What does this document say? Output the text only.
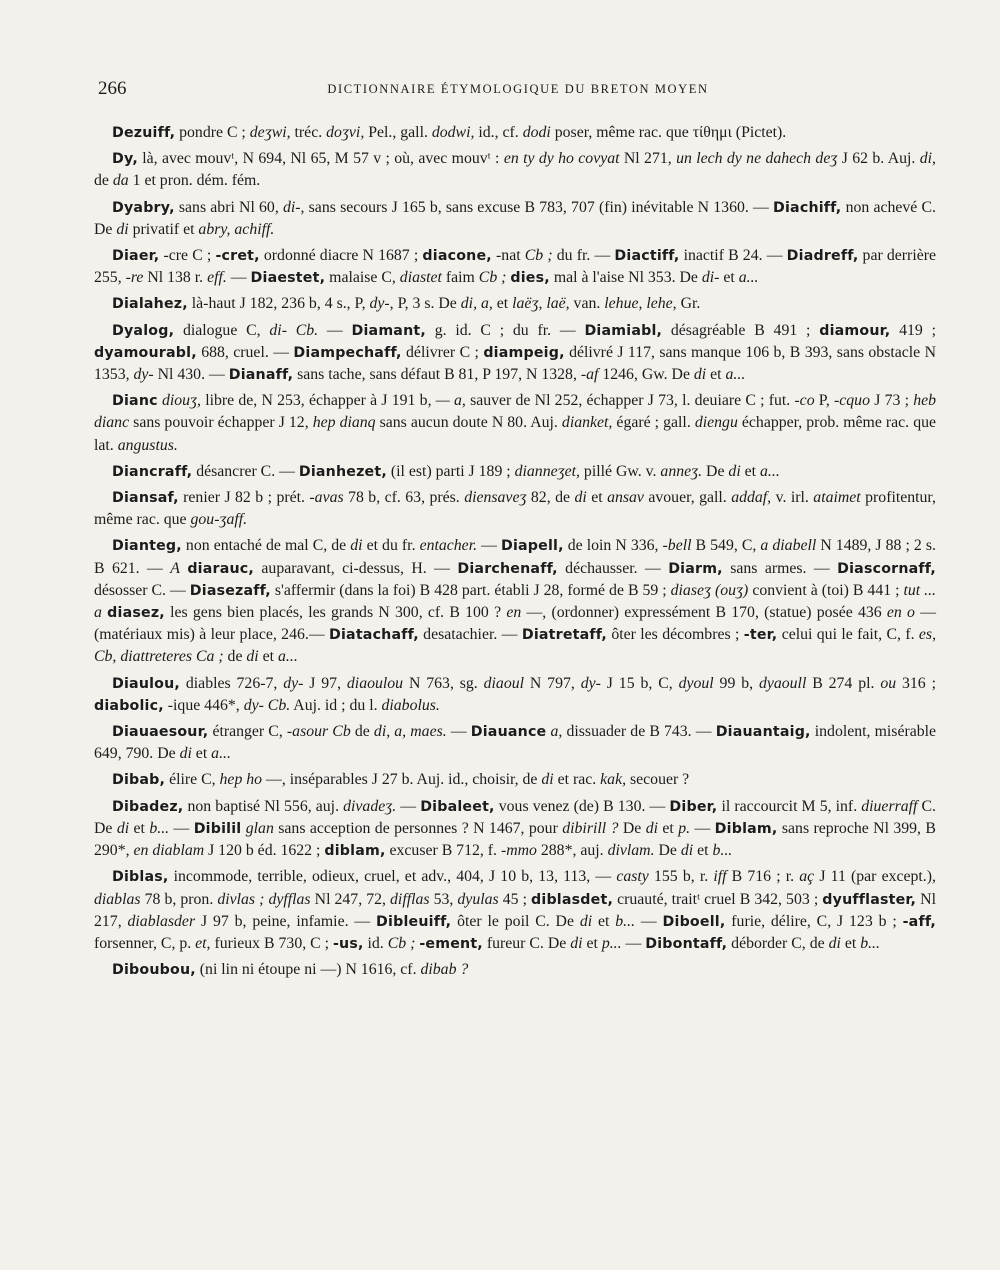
266	DICTIONNAIRE ÉTYMOLOGIQUE DU BRETON MOYEN

Dezuiff, pondre C ; deʒwi, tréc. doʒvi, Pel., gall. dodwi, id., cf. dodi poser, même rac. que τίθημι (Pictet).

Dy, là, avec mouvᵗ, N 694, Nl 65, M 57 v ; où, avec mouvᵗ : en ty dy ho covyat Nl 271, un lech dy ne dahech deʒ J 62 b. Auj. di, de da 1 et pron. dém. fém.

Dyabry, sans abri Nl 60, di-, sans secours J 165 b, sans excuse B 783, 707 (fin) inévitable N 1360. — Diachiff, non achevé C. De di privatif et abry, achiff.

Diaer, -cre C ; -cret, ordonné diacre N 1687 ; diacone, -nat Cb ; du fr. — Diactiff, inactif B 24. — Diadreff, par derrière 255, -re Nl 138 r. eff. — Diaestet, malaise C, diastet faim Cb ; dies, mal à l'aise Nl 353. De di- et a...

Dialahez, là-haut J 182, 236 b, 4 s., P, dy-, P, 3 s. De di, a, et laëʒ, laë, van. lehue, lehe, Gr.

Dyalog, dialogue C, di- Cb. — Diamant, g. id. C ; du fr. — Diamiabl, désagréable B 491 ; diamour, 419 ; dyamourabl, 688, cruel. — Diampechaff, délivrer C ; diampeig, délivré J 117, sans manque 106 b, B 393, sans obstacle N 1353, dy- Nl 430. — Dianaff, sans tache, sans défaut B 81, P 197, N 1328, -af 1246, Gw. De di et a...

Dianc diouʒ, libre de, N 253, échapper à J 191 b, — a, sauver de Nl 252, échapper J 73, l. deuiare C ; fut. -co P, -cquo J 73 ; heb dianc sans pouvoir échapper J 12, hep dianq sans aucun doute N 80. Auj. dianket, égaré ; gall. diengu échapper, prob. même rac. que lat. angustus.

Diancraff, désancrer C. — Dianhezet, (il est) parti J 189 ; dianneʒet, pillé Gw. v. anneʒ. De di et a...

Diansaf, renier J 82 b ; prét. -avas 78 b, cf. 63, prés. diensaveʒ 82, de di et ansav avouer, gall. addaf, v. irl. ataimet profitentur, même rac. que gou-ʒaff.

Dianteg, non entaché de mal C, de di et du fr. entacher. — Diapell, de loin N 336, -bell B 549, C, a diabell N 1489, J 88 ; 2 s. B 621. — A diarauc, auparavant, ci-dessus, H. — Diarchenaff, déchausser. — Diarm, sans armes. — Diascornaff, désosser C. — Diasezaff, s'affermir (dans la foi) B 428 part. établi J 28, formé de B 59 ; diaseʒ (ouʒ) convient à (toi) B 441 ; tut ... a diasez, les gens bien placés, les grands N 300, cf. B 100 ? en —, (ordonner) expressément B 170, (statue) posée 436 en o — (matériaux mis) à leur place, 246.— Diatachaff, desatachier. — Diatretaff, ôter les décombres ; -ter, celui qui le fait, C, f. es, Cb, diattreteres Ca ; de di et a...

Diaulou, diables 726-7, dy- J 97, diaoulou N 763, sg. diaoul N 797, dy- J 15 b, C, dyoul 99 b, dyaoull B 274 pl. ou 316 ; diabolic, -ique 446*, dy- Cb. Auj. id ; du l. diabolus.

Diauaesour, étranger C, -asour Cb de di, a, maes. — Diauance a, dissuader de B 743. — Diauantaig, indolent, misérable 649, 790. De di et a...

Dibab, élire C, hep ho —, inséparables J 27 b. Auj. id., choisir, de di et rac. kak, secouer ?

Dibadez, non baptisé Nl 556, auj. divadeʒ. — Dibaleet, vous venez (de) B 130. — Diber, il raccourcit M 5, inf. diuerraff C. De di et b... — Dibilil glan sans acception de personnes ? N 1467, pour dibirill ? De di et p. — Diblam, sans reproche Nl 399, B 290*, en diablam J 120 b éd. 1622 ; diblam, excuser B 712, f. -mmo 288*, auj. divlam. De di et b...

Diblas, incommode, terrible, odieux, cruel, et adv., 404, J 10 b, 13, 113, — casty 155 b, r. iff B 716 ; r. aç J 11 (par except.), diablas 78 b, pron. divlas ; dyfflas Nl 247, 72, difflas 53, dyulas 45 ; diblasdet, cruauté, traitᵗ cruel B 342, 503 ; dyufflaster, Nl 217, diablasder J 97 b, peine, infamie. — Dibleuiff, ôter le poil C. De di et b... — Diboell, furie, délire, C, J 123 b ; -aff, forsenner, C, p. et, furieux B 730, C ; -us, id. Cb ; -ement, fureur C. De di et p... — Dibontaff, déborder C, de di et b...

Diboubou, (ni lin ni étoupe ni —) N 1616, cf. dibab ?
